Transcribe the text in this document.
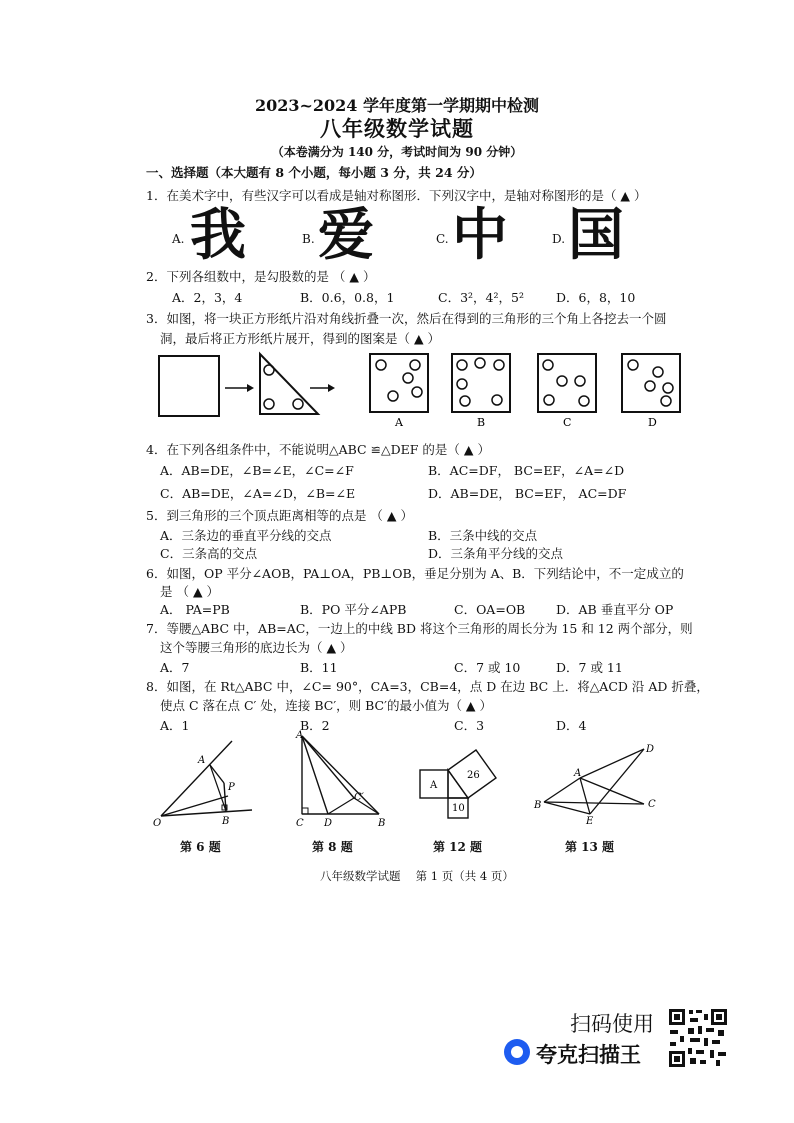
2023~2024 学年度第一学期期中检测
八年级数学试题
（本卷满分为 140 分，考试时间为 90 分钟）
一、选择题（本大题有 8 个小题，每小题 3 分，共 24 分）
1．在美术字中，有些汉字可以看成是轴对称图形．下列汉字中，是轴对称图形的是（ ▲ ）
A. 我	B. 爱	C. 中	D. 国
2．下列各组数中，是勾股数的是 （ ▲ ）
A．2，3，4	B．0.6，0.8，1	C．3²，4²，5²	D．6，8，10
3．如图，将一块正方形纸片沿对角线折叠一次，然后在得到的三角形的三个角上各挖去一个圆
洞，最后将正方形纸片展开，得到的图案是（ ▲ ）
A	B	C	D
4．在下列各组条件中，不能说明△ABC ≌△DEF 的是（ ▲ ）
A．AB=DE，∠B=∠E，∠C=∠F	B．AC=DF， BC=EF，∠A=∠D
C．AB=DE，∠A=∠D，∠B=∠E	D．AB=DE， BC=EF， AC=DF
5．到三角形的三个顶点距离相等的点是 （ ▲ ）
A．三条边的垂直平分线的交点	B．三条中线的交点
C．三条高的交点	D．三条角平分线的交点
6．如图，OP 平分∠AOB，PA⊥OA，PB⊥OB，垂足分别为 A、B．下列结论中，不一定成立的
是 （ ▲ ）
A． PA=PB	B．PO 平分∠APB	C．OA=OB D．AB 垂直平分 OP
7．等腰△ABC 中，AB=AC，一边上的中线 BD 将这个三角形的周长分为 15 和 12 两个部分，则
这个等腰三角形的底边长为（ ▲ ）
A．7	B．11	C．7 或 10	D．7 或 11
8．如图，在 Rt△ABC 中，∠C= 90°，CA=3，CB=4，点 D 在边 BC 上．将△ACD 沿 AD 折叠，
使点 C 落在点 C′ 处，连接 BC′，则 BC′的最小值为（ ▲ ）
A．1	B．2	C．3	D．4
A
P
O	B
A
C′
C D	B
A
26
10
D
A
B
E
C
第 6 题	第 8 题	第 12 题	第 13 题
八年级数学试题　 第 1 页（共 4 页）
扫码使用
夸克扫描王
